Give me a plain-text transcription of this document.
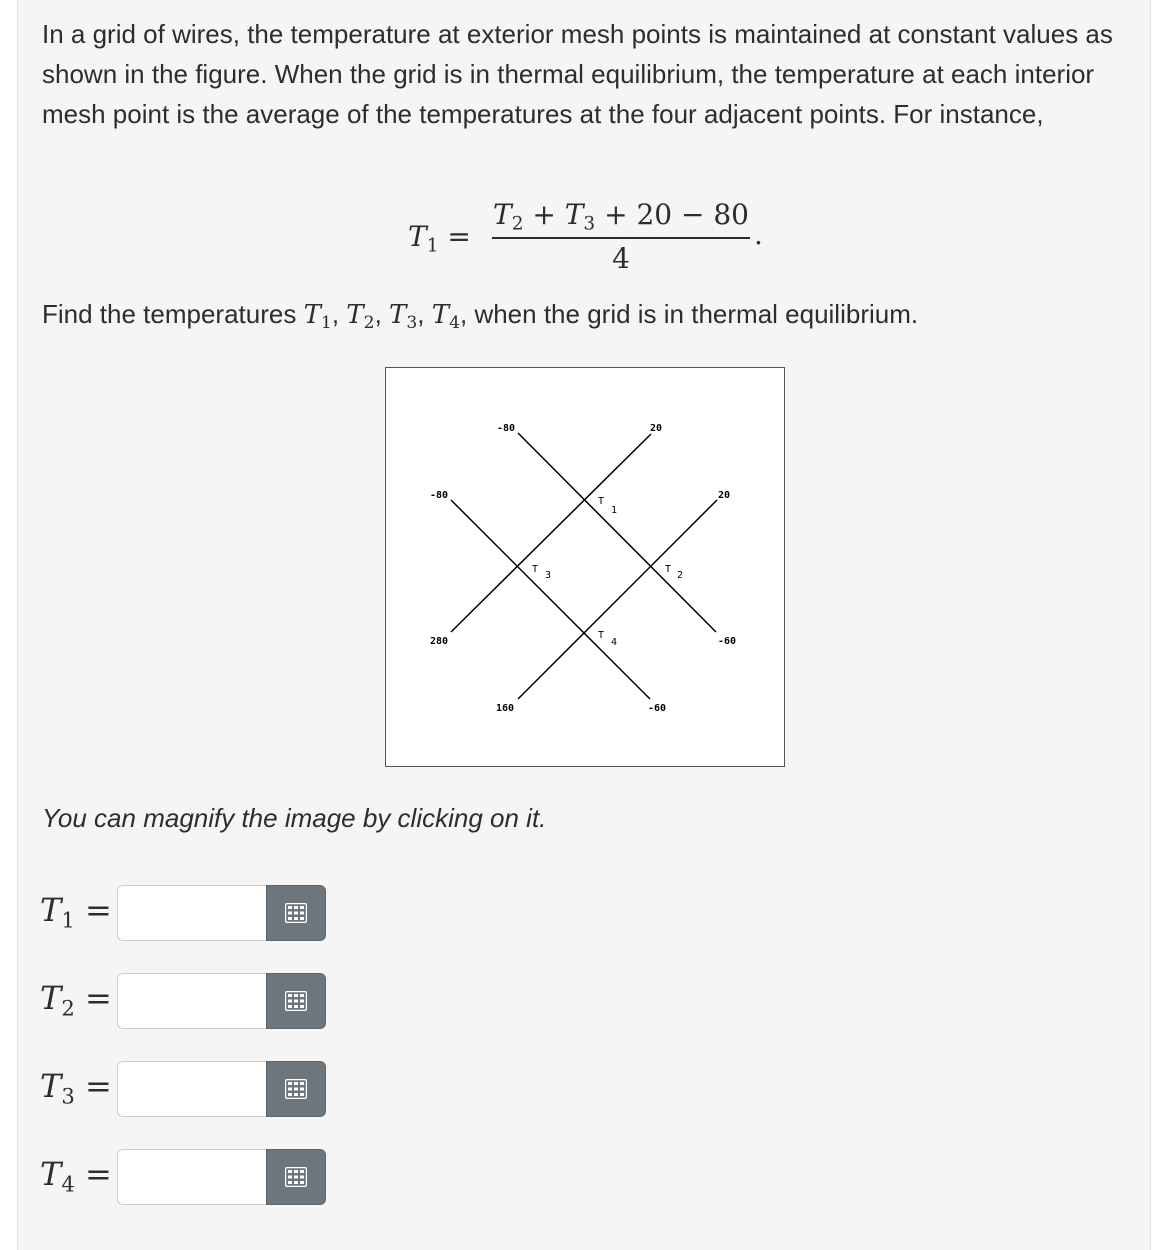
In a grid of wires, the temperature at exterior mesh points is maintained at constant values as shown in the figure. When the grid is in thermal equilibrium, the temperature at each interior mesh point is the average of the temperatures at the four adjacent points. For instance,

$T_1$ =
$T_2 + T_3 + 20 - 80$
4
.
Find the temperatures $T_1$, $T_2$, $T_3$, $T_4$, when the grid is in thermal equilibrium.
-80	20
-80	20
280	-60
160	-60
T
1
T
2
T
3
T
4
You can magnify the image by clicking on it.
$T_1$ =
$T_2$ =
$T_3$ =
$T_4$ =
